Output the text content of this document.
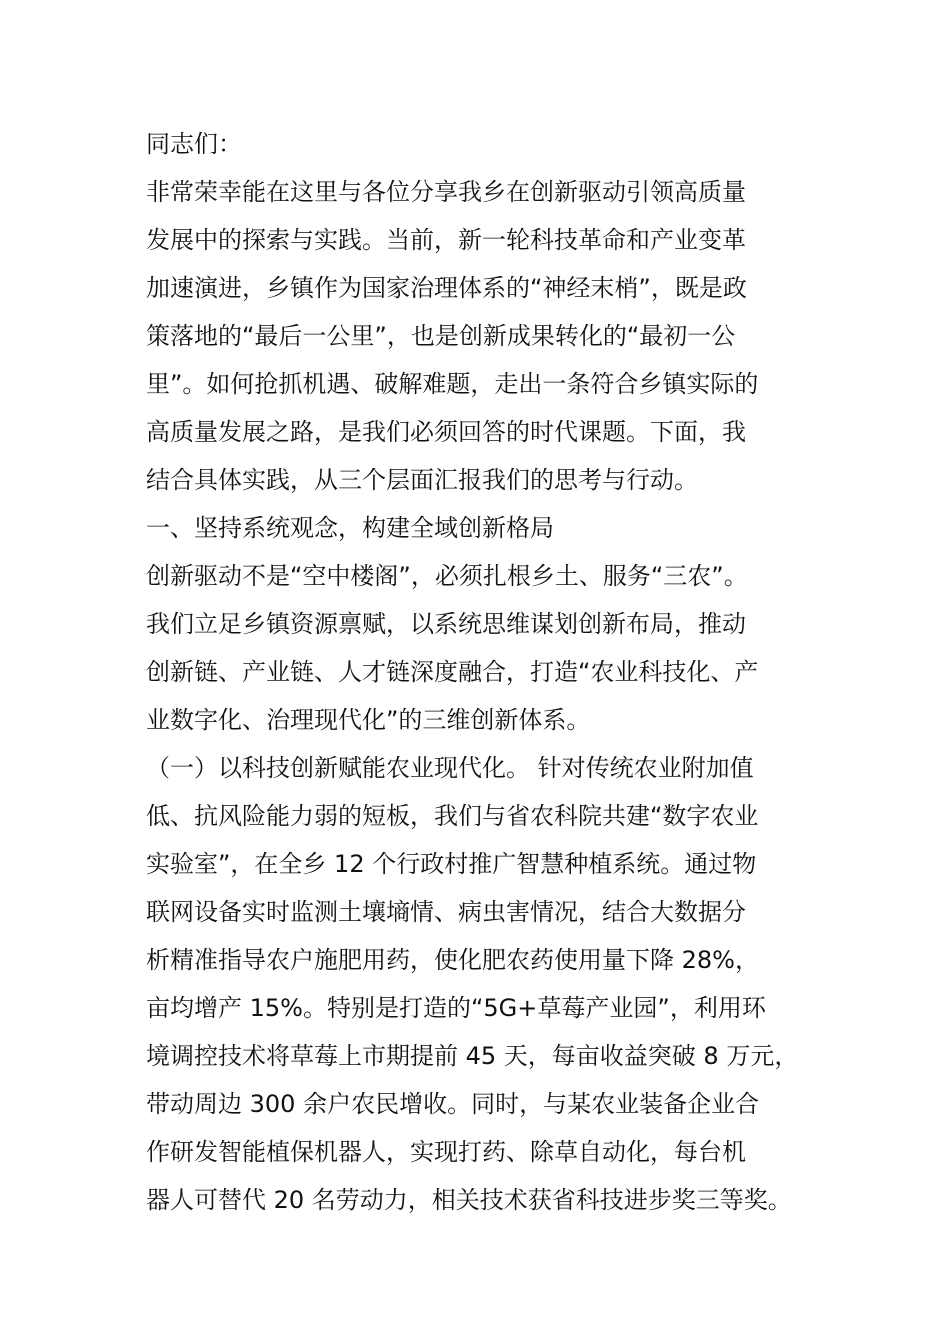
同志们：
非常荣幸能在这里与各位分享我乡在创新驱动引领高质量
发展中的探索与实践。当前，新一轮科技革命和产业变革
加速演进，乡镇作为国家治理体系的“神经末梢”，既是政
策落地的“最后一公里”，也是创新成果转化的“最初一公
里”。如何抢抓机遇、破解难题，走出一条符合乡镇实际的
高质量发展之路，是我们必须回答的时代课题。下面，我
结合具体实践，从三个层面汇报我们的思考与行动。
一、坚持系统观念，构建全域创新格局
创新驱动不是“空中楼阁”，必须扎根乡土、服务“三农”。
我们立足乡镇资源禀赋，以系统思维谋划创新布局，推动
创新链、产业链、人才链深度融合，打造“农业科技化、产
业数字化、治理现代化”的三维创新体系。
（一）以科技创新赋能农业现代化。 针对传统农业附加值
低、抗风险能力弱的短板，我们与省农科院共建“数字农业
实验室”，在全乡 12 个行政村推广智慧种植系统。通过物
联网设备实时监测土壤墒情、病虫害情况，结合大数据分
析精准指导农户施肥用药，使化肥农药使用量下降 28%，
亩均增产 15%。特别是打造的“5G+草莓产业园”，利用环
境调控技术将草莓上市期提前 45 天，每亩收益突破 8 万元，
带动周边 300 余户农民增收。同时，与某农业装备企业合
作研发智能植保机器人，实现打药、除草自动化，每台机
器人可替代 20 名劳动力，相关技术获省科技进步奖三等奖。
